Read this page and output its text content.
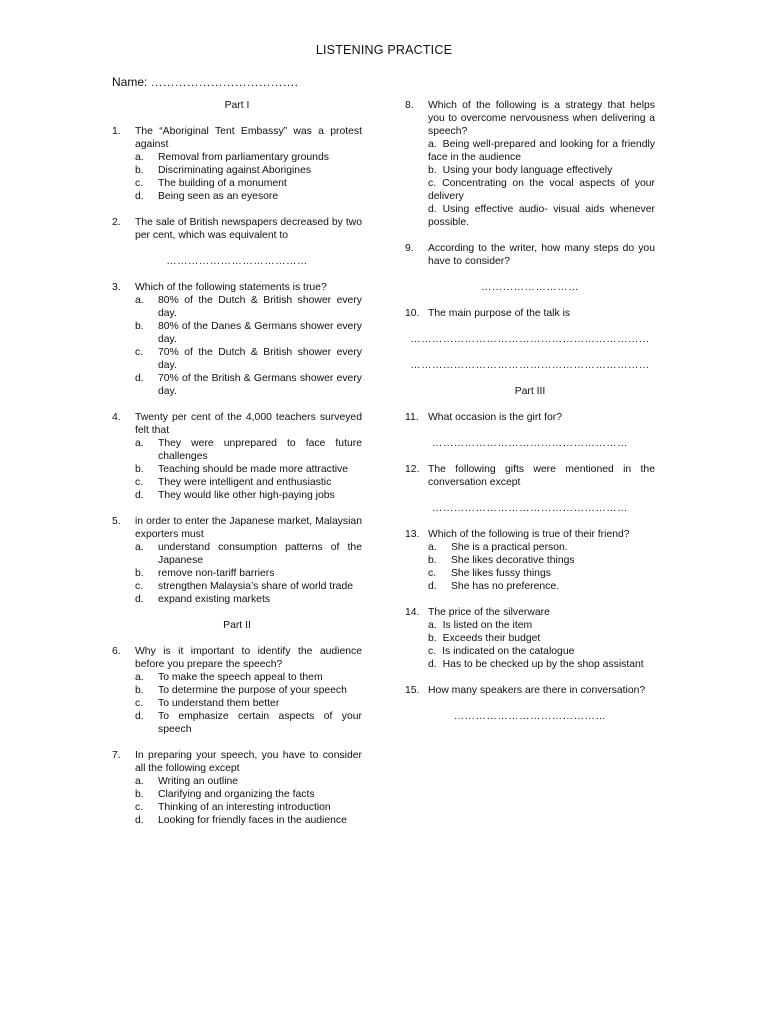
LISTENING PRACTICE
Name: ……………………………….
Part I
1. The “Aboriginal Tent Embassy” was a protest against
a. Removal from parliamentary grounds
b. Discriminating against Aborigines
c. The building of a monument
d. Being seen as an eyesore
2. The sale of British newspapers decreased by two per cent, which was equivalent to
…………………………………
3. Which of the following statements is true?
a. 80% of the Dutch & British shower every day.
b. 80% of the Danes & Germans shower every day.
c. 70% of the Dutch & British shower every day.
d. 70% of the British & Germans shower every day.
4. Twenty per cent of the 4,000 teachers surveyed felt that
a. They were unprepared to face future challenges
b. Teaching should be made more attractive
c. They were intelligent and enthusiastic
d. They would like other high-paying jobs
5. in order to enter the Japanese market, Malaysian exporters must
a. understand consumption patterns of the Japanese
b. remove non-tariff barriers
c. strengthen Malaysia’s share of world trade
d. expand existing markets
Part II
6. Why is it important to identify the audience before you prepare the speech?
a. To make the speech appeal to them
b. To determine the purpose of your speech
c. To understand them better
d. To emphasize certain aspects of your speech
7. In preparing your speech, you have to consider all the following except
a. Writing an outline
b. Clarifying and organizing the facts
c. Thinking of an interesting introduction
d. Looking for friendly faces in the audience
8. Which of the following is a strategy that helps you to overcome nervousness when delivering a speech?
a. Being well-prepared and looking for a friendly face in the audience
b. Using your body language effectively
c. Concentrating on the vocal aspects of your delivery
d. Using effective audio- visual aids whenever possible.
9. According to the writer, how many steps do you have to consider?
………………………
10. The main purpose of the talk is
…………………………………………………………
…………………………………………………………
Part III
11. What occasion is the girt for?
………………………………………………
12. The following gifts were mentioned in the conversation except
………………………………………………
13. Which of the following is true of their friend?
a. She is a practical person.
b. She likes decorative things
c. She likes fussy things
d. She has no preference.
14. The price of the silverware
a. Is listed on the item
b. Exceeds their budget
c. Is indicated on the catalogue
d. Has to be checked up by the shop assistant
15. How many speakers are there in conversation?
……………………………………
